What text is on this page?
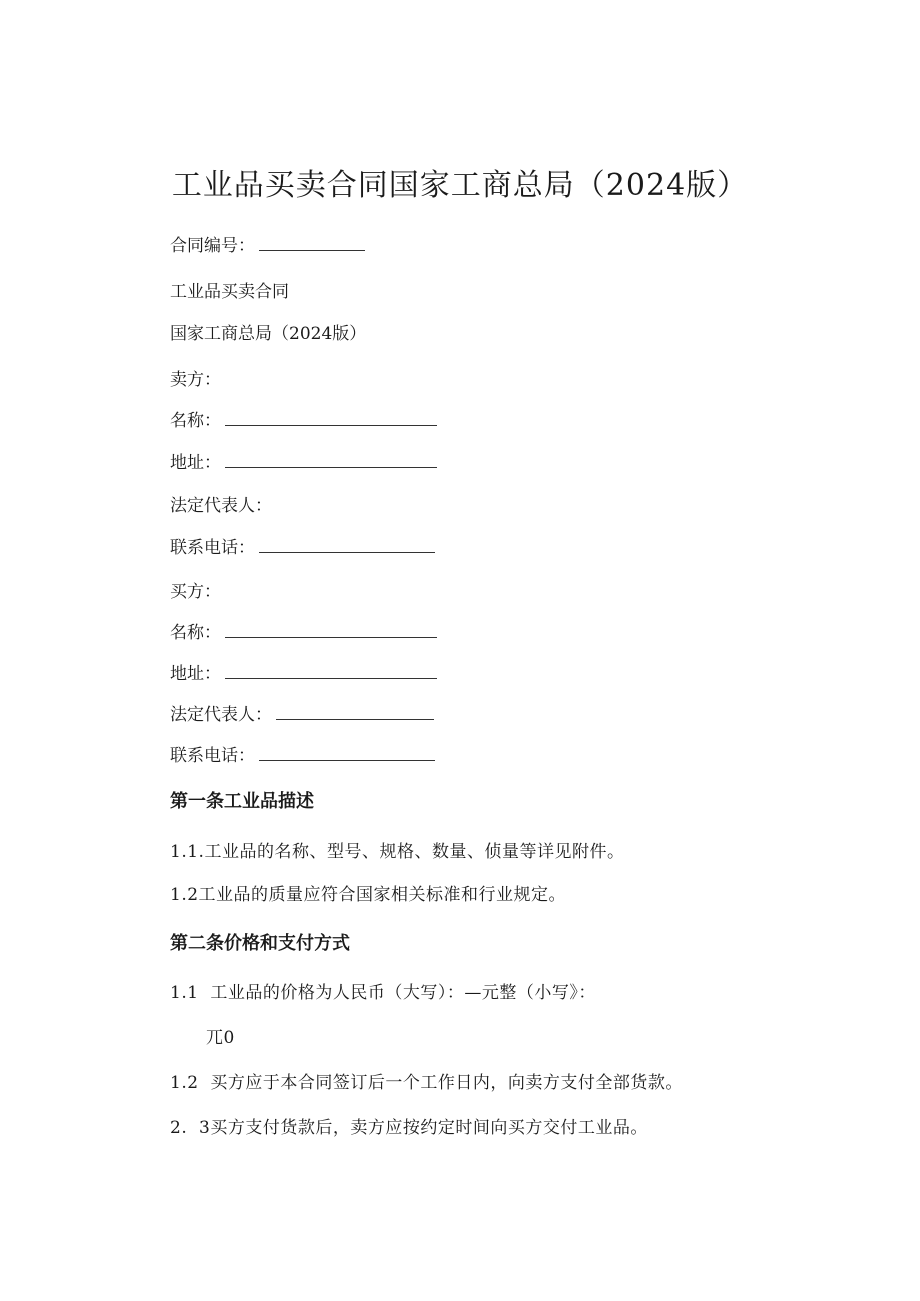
工业品买卖合同国家工商总局（2024版）
合同编号：
工业品买卖合同
国家工商总局（2024版）
卖方：
名称：
地址：
法定代表人：
联系电话：
买方：
名称：
地址：
法定代表人：
联系电话：
第一条工业品描述
1.1.工业品的名称、型号、规格、数量、侦量等详见附件。
1.2工业品的质量应符合国家相关标准和行业规定。
第二条价格和支付方式
1.1  工业品的价格为人民币（大写）：—元整（小写》：
兀0
1.2  买方应于本合同签订后一个工作日内，向卖方支付全部货款。
2.  3买方支付货款后，卖方应按约定时间向买方交付工业品。
